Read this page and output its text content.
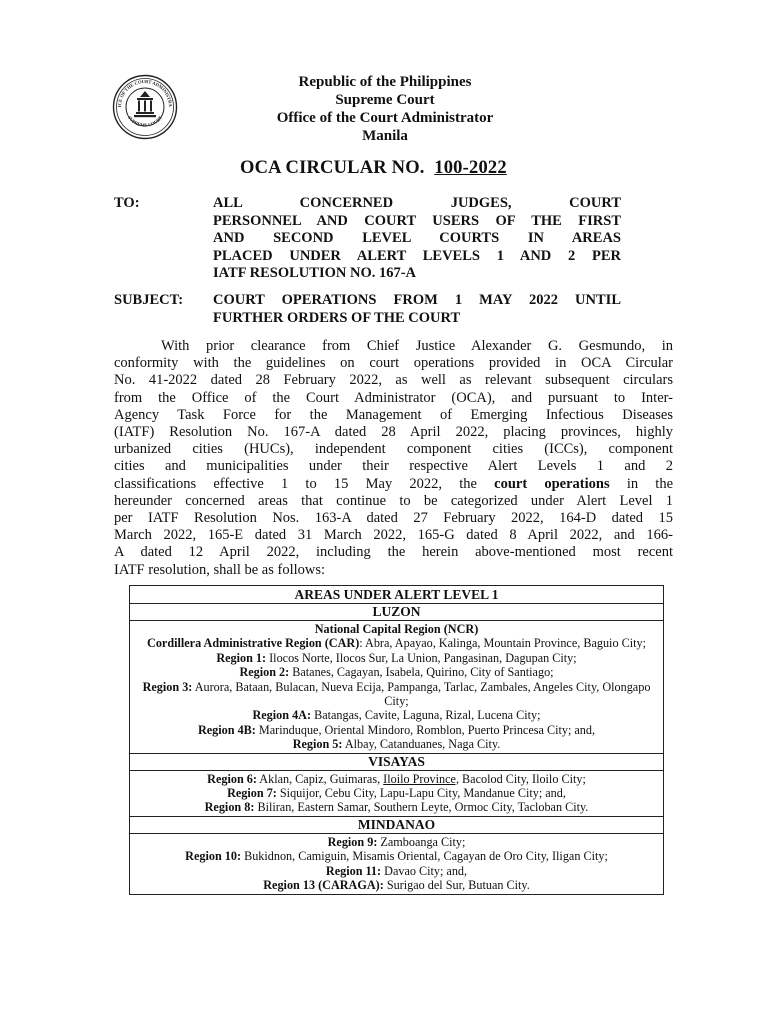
ICE OF THE COURT ADMINISTRA
SUPREME COURT
Republic of the Philippines
Supreme Court
Office of the Court Administrator
Manila
OCA CIRCULAR NO. 100-2022
TO:	ALL CONCERNED JUDGES, COURT
PERSONNEL AND COURT USERS OF THE FIRST
AND SECOND LEVEL COURTS IN AREAS
PLACED UNDER ALERT LEVELS 1 AND 2 PER
IATF RESOLUTION NO. 167-A
SUBJECT: COURT OPERATIONS FROM 1 MAY 2022 UNTIL
FURTHER ORDERS OF THE COURT
With prior clearance from Chief Justice Alexander G. Gesmundo, in
conformity with the guidelines on court operations provided in OCA Circular
No. 41-2022 dated 28 February 2022, as well as relevant subsequent circulars
from the Office of the Court Administrator (OCA), and pursuant to Inter-
Agency Task Force for the Management of Emerging Infectious Diseases
(IATF) Resolution No. 167-A dated 28 April 2022, placing provinces, highly
urbanized cities (HUCs), independent component cities (ICCs), component
cities and municipalities under their respective Alert Levels 1 and 2
classifications effective 1 to 15 May 2022, the court operations in the
hereunder concerned areas that continue to be categorized under Alert Level 1
per IATF Resolution Nos. 163-A dated 27 February 2022, 164-D dated 15
March 2022, 165-E dated 31 March 2022, 165-G dated 8 April 2022, and 166-
A dated 12 April 2022, including the herein above-mentioned most recent
IATF resolution, shall be as follows:
AREAS UNDER ALERT LEVEL 1
LUZON
National Capital Region (NCR)
Cordillera Administrative Region (CAR): Abra, Apayao, Kalinga, Mountain Province, Baguio City;
Region 1: Ilocos Norte, Ilocos Sur, La Union, Pangasinan, Dagupan City;
Region 2: Batanes, Cagayan, Isabela, Quirino, City of Santiago;
Region 3: Aurora, Bataan, Bulacan, Nueva Ecija, Pampanga, Tarlac, Zambales, Angeles City, Olongapo City;
Region 4A: Batangas, Cavite, Laguna, Rizal, Lucena City;
Region 4B: Marinduque, Oriental Mindoro, Romblon, Puerto Princesa City; and,
Region 5: Albay, Catanduanes, Naga City.
VISAYAS
Region 6: Aklan, Capiz, Guimaras, Iloilo Province, Bacolod City, Iloilo City;
Region 7: Siquijor, Cebu City, Lapu-Lapu City, Mandanue City; and,
Region 8: Biliran, Eastern Samar, Southern Leyte, Ormoc City, Tacloban City.
MINDANAO
Region 9: Zamboanga City;
Region 10: Bukidnon, Camiguin, Misamis Oriental, Cagayan de Oro City, Iligan City;
Region 11: Davao City; and,
Region 13 (CARAGA): Surigao del Sur, Butuan City.
